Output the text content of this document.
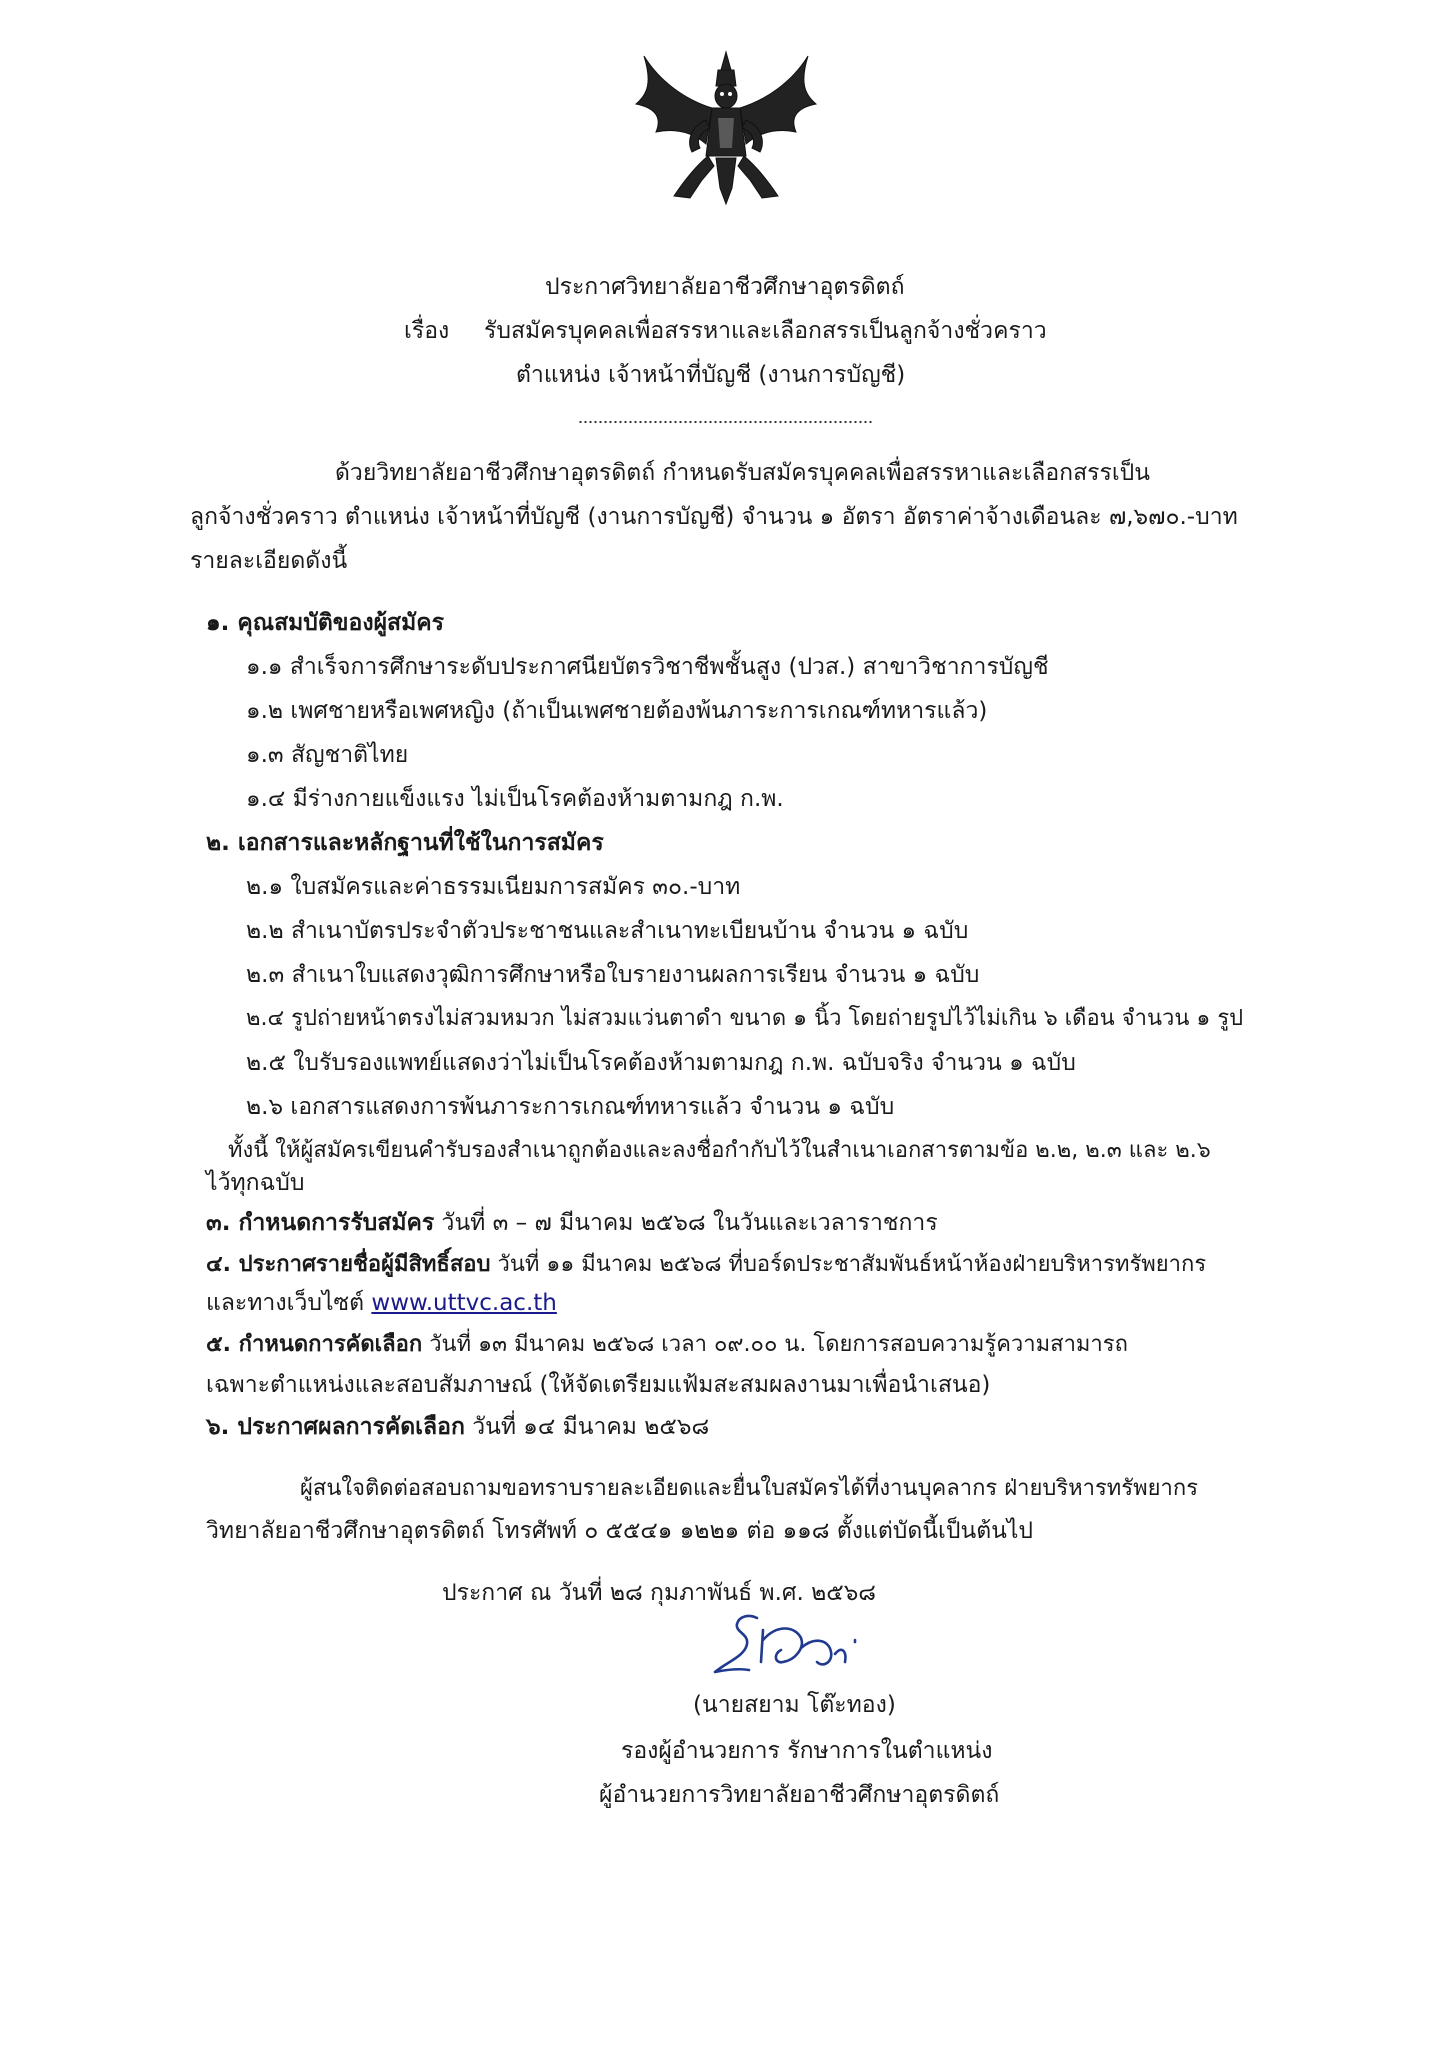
ประกาศวิทยาลัยอาชีวศึกษาอุตรดิตถ์
เรื่อง รับสมัครบุคคลเพื่อสรรหาและเลือกสรรเป็นลูกจ้างชั่วคราว
ตำแหน่ง เจ้าหน้าที่บัญชี (งานการบัญชี)
ด้วยวิทยาลัยอาชีวศึกษาอุตรดิตถ์ กำหนดรับสมัครบุคคลเพื่อสรรหาและเลือกสรรเป็น
ลูกจ้างชั่วคราว ตำแหน่ง เจ้าหน้าที่บัญชี (งานการบัญชี) จำนวน ๑ อัตรา อัตราค่าจ้างเดือนละ ๗,๖๗๐.-บาท
รายละเอียดดังนี้
๑. คุณสมบัติของผู้สมัคร
๑.๑ สำเร็จการศึกษาระดับประกาศนียบัตรวิชาชีพชั้นสูง (ปวส.) สาขาวิชาการบัญชี
๑.๒ เพศชายหรือเพศหญิง (ถ้าเป็นเพศชายต้องพ้นภาระการเกณฑ์ทหารแล้ว)
๑.๓ สัญชาติไทย
๑.๔ มีร่างกายแข็งแรง ไม่เป็นโรคต้องห้ามตามกฎ ก.พ.
๒. เอกสารและหลักฐานที่ใช้ในการสมัคร
๒.๑ ใบสมัครและค่าธรรมเนียมการสมัคร ๓๐.-บาท
๒.๒ สำเนาบัตรประจำตัวประชาชนและสำเนาทะเบียนบ้าน จำนวน ๑ ฉบับ
๒.๓ สำเนาใบแสดงวุฒิการศึกษาหรือใบรายงานผลการเรียน จำนวน ๑ ฉบับ
๒.๔ รูปถ่ายหน้าตรงไม่สวมหมวก ไม่สวมแว่นตาดำ ขนาด ๑ นิ้ว โดยถ่ายรูปไว้ไม่เกิน ๖ เดือน จำนวน ๑ รูป
๒.๕ ใบรับรองแพทย์แสดงว่าไม่เป็นโรคต้องห้ามตามกฎ ก.พ. ฉบับจริง จำนวน ๑ ฉบับ
๒.๖ เอกสารแสดงการพ้นภาระการเกณฑ์ทหารแล้ว จำนวน ๑ ฉบับ
ทั้งนี้ ให้ผู้สมัครเขียนคำรับรองสำเนาถูกต้องและลงชื่อกำกับไว้ในสำเนาเอกสารตามข้อ ๒.๒, ๒.๓ และ ๒.๖
ไว้ทุกฉบับ
๓. กำหนดการรับสมัคร วันที่ ๓ – ๗ มีนาคม ๒๕๖๘ ในวันและเวลาราชการ
๔. ประกาศรายชื่อผู้มีสิทธิ์สอบ วันที่ ๑๑ มีนาคม ๒๕๖๘ ที่บอร์ดประชาสัมพันธ์หน้าห้องฝ่ายบริหารทรัพยากร
และทางเว็บไซต์ www.uttvc.ac.th
๕. กำหนดการคัดเลือก วันที่ ๑๓ มีนาคม ๒๕๖๘ เวลา ๐๙.๐๐ น. โดยการสอบความรู้ความสามารถ
เฉพาะตำแหน่งและสอบสัมภาษณ์ (ให้จัดเตรียมแฟ้มสะสมผลงานมาเพื่อนำเสนอ)
๖. ประกาศผลการคัดเลือก วันที่ ๑๔ มีนาคม ๒๕๖๘
ผู้สนใจติดต่อสอบถามขอทราบรายละเอียดและยื่นใบสมัครได้ที่งานบุคลากร ฝ่ายบริหารทรัพยากร
วิทยาลัยอาชีวศึกษาอุตรดิตถ์ โทรศัพท์ ๐ ๕๕๔๑ ๑๒๒๑ ต่อ ๑๑๘ ตั้งแต่บัดนี้เป็นต้นไป
ประกาศ ณ วันที่ ๒๘ กุมภาพันธ์ พ.ศ. ๒๕๖๘
(นายสยาม โต๊ะทอง)
รองผู้อำนวยการ รักษาการในตำแหน่ง
ผู้อำนวยการวิทยาลัยอาชีวศึกษาอุตรดิตถ์
